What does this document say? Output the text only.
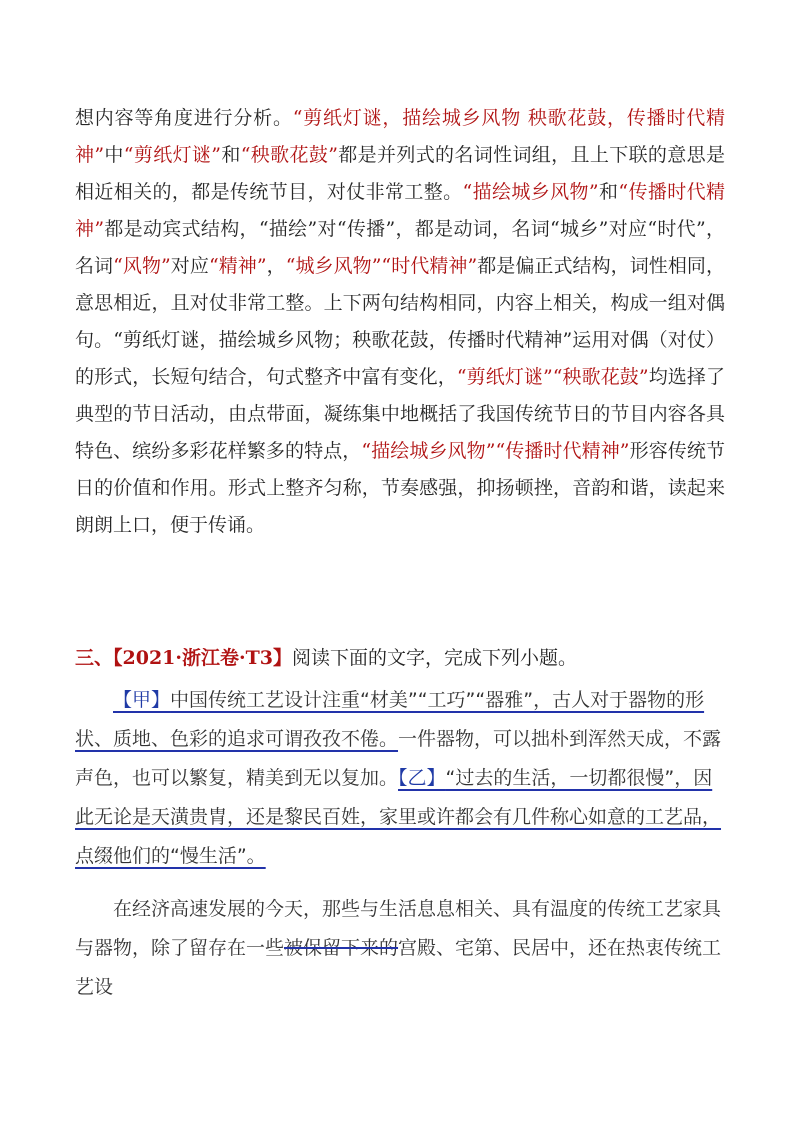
想内容等角度进行分析。“剪纸灯谜，描绘城乡风物 秧歌花鼓，传播时代精神”中“剪纸灯谜”和“秧歌花鼓”都是并列式的名词性词组，且上下联的意思是相近相关的，都是传统节目，对仗非常工整。“描绘城乡风物”和“传播时代精神”都是动宾式结构，“描绘”对“传播”，都是动词，名词“城乡”对应“时代”，名词“风物”对应“精神”，“城乡风物”“时代精神”都是偏正式结构，词性相同，意思相近，且对仗非常工整。上下两句结构相同，内容上相关，构成一组对偶句。“剪纸灯谜，描绘城乡风物；秧歌花鼓，传播时代精神”运用对偶（对仗）的形式，长短句结合，句式整齐中富有变化，“剪纸灯谜”“秧歌花鼓”均选择了典型的节日活动，由点带面，凝练集中地概括了我国传统节日的节目内容各具特色、缤纷多彩花样繁多的特点，“描绘城乡风物”“传播时代精神”形容传统节日的价值和作用。形式上整齐匀称，节奏感强，抑扬顿挫，音韵和谐，读起来朗朗上口，便于传诵。

三、【2021·浙江卷·T3】阅读下面的文字，完成下列小题。

【甲】中国传统工艺设计注重“材美”“工巧”“器雅”，古人对于器物的形状、质地、色彩的追求可谓孜孜不倦。一件器物，可以拙朴到浑然天成，不露声色，也可以繁复，精美到无以复加。【乙】“过去的生活，一切都很慢”，因此无论是天潢贵胄，还是黎民百姓，家里或许都会有几件称心如意的工艺品，点缀他们的“慢生活”。

在经济高速发展的今天，那些与生活息息相关、具有温度的传统工艺家具与器物，除了留存在一些被保留下来的宫殿、宅第、民居中，还在热衷传统工艺设
